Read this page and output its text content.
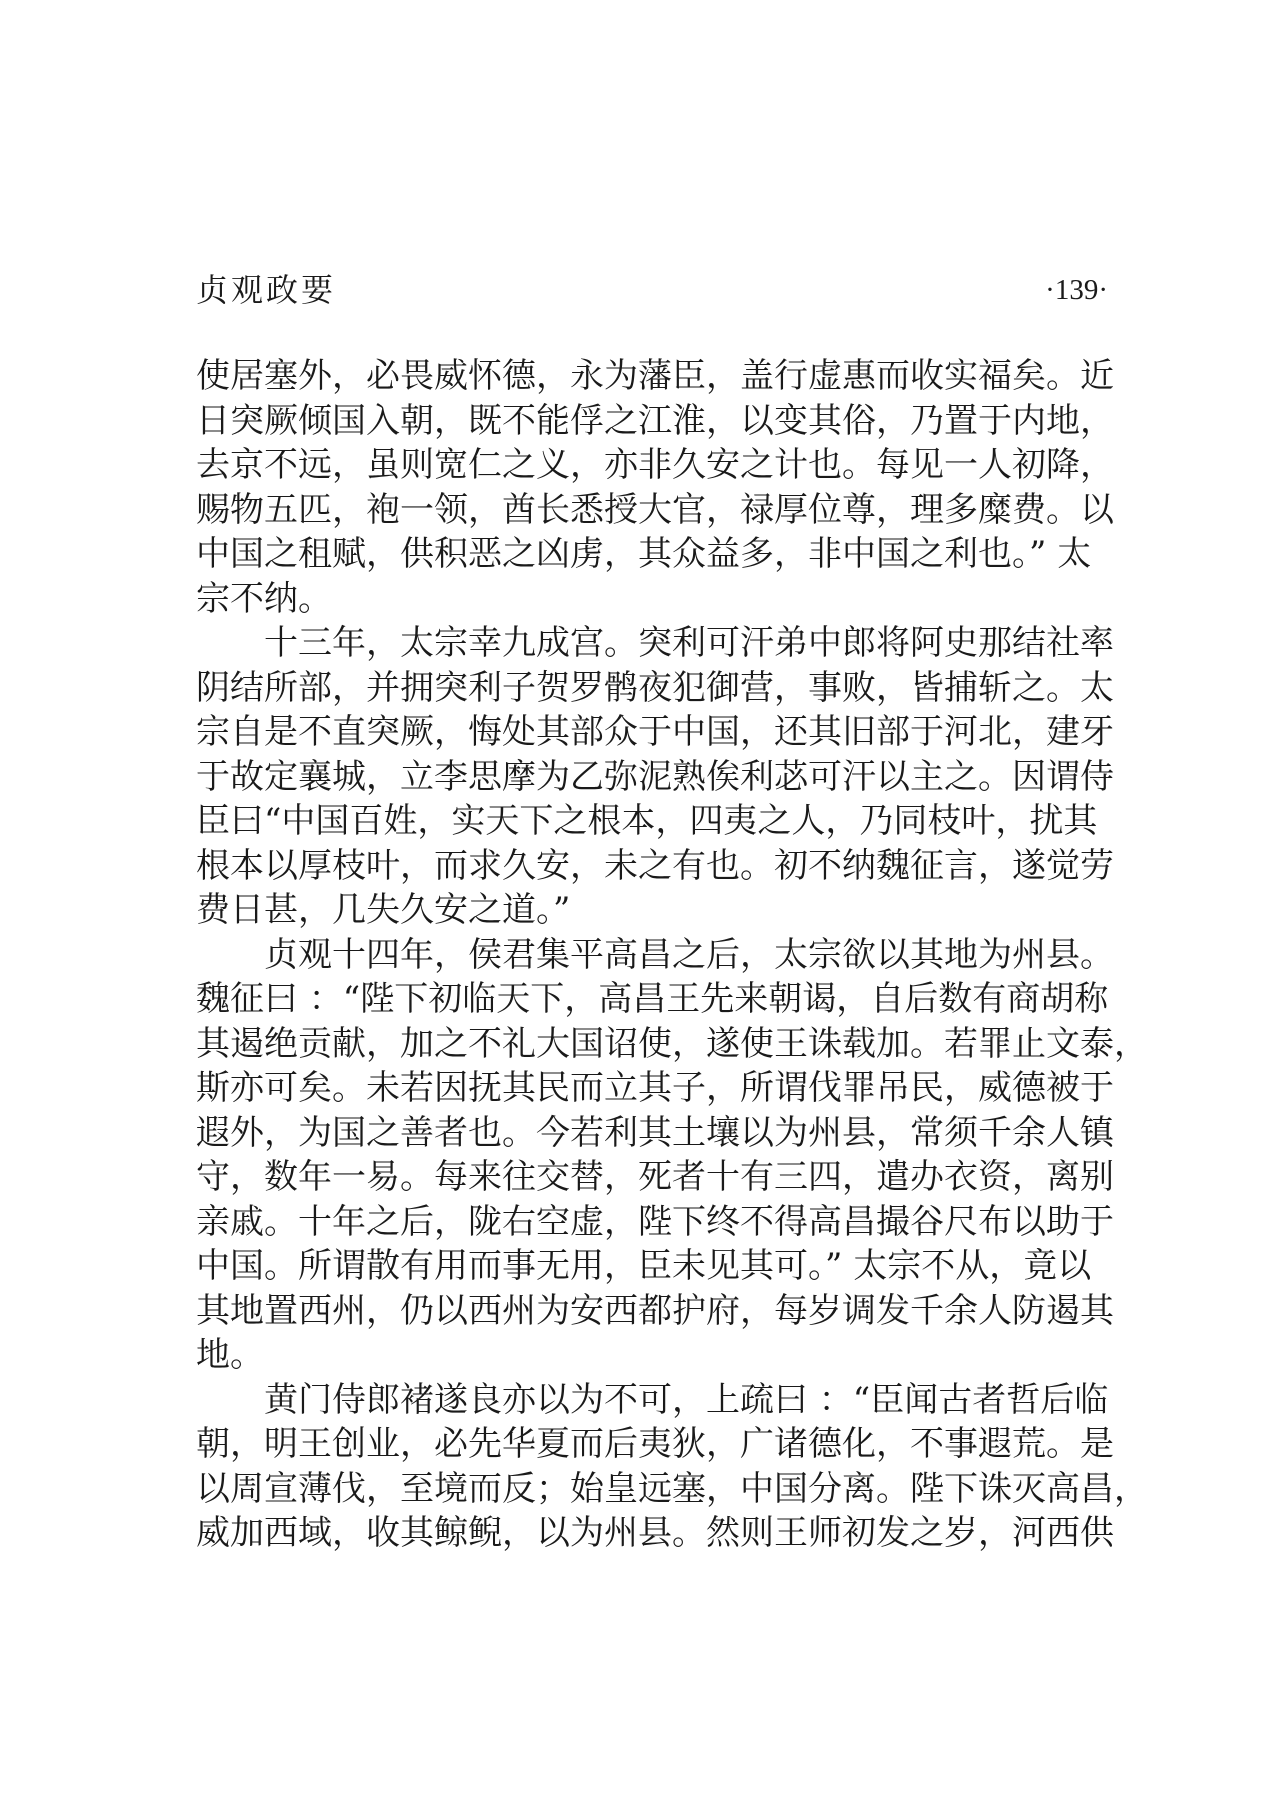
贞观政要	·139·
使居塞外，必畏威怀德，永为藩臣，盖行虚惠而收实福矣。近
日突厥倾国入朝，既不能俘之江淮，以变其俗，乃置于内地，
去京不远，虽则宽仁之义，亦非久安之计也。每见一人初降，
赐物五匹，袍一领，酋长悉授大官，禄厚位尊，理多糜费。以
中国之租赋，供积恶之凶虏，其众益多，非中国之利也。” 太
宗不纳。
十三年，太宗幸九成宫。突利可汗弟中郎将阿史那结社率
阴结所部，并拥突利子贺罗鹘夜犯御营，事败，皆捕斩之。太
宗自是不直突厥，悔处其部众于中国，还其旧部于河北，建牙
于故定襄城，立李思摩为乙弥泥熟俟利苾可汗以主之。因谓侍
臣曰“中国百姓，实天下之根本，四夷之人，乃同枝叶，扰其
根本以厚枝叶，而求久安，未之有也。初不纳魏征言，遂觉劳
费日甚，几失久安之道。”
贞观十四年，侯君集平高昌之后，太宗欲以其地为州县。
魏征曰 ：“陛下初临天下，高昌王先来朝谒，自后数有商胡称
其遏绝贡献，加之不礼大国诏使，遂使王诛载加。若罪止文泰，
斯亦可矣。未若因抚其民而立其子，所谓伐罪吊民，威德被于
遐外，为国之善者也。今若利其土壤以为州县，常须千余人镇
守，数年一易。每来往交替，死者十有三四，遣办衣资，离别
亲戚。十年之后，陇右空虚，陛下终不得高昌撮谷尺布以助于
中国。所谓散有用而事无用，臣未见其可。” 太宗不从，竟以
其地置西州，仍以西州为安西都护府，每岁调发千余人防遏其
地。
黄门侍郎褚遂良亦以为不可，上疏曰 ：“臣闻古者哲后临
朝，明王创业，必先华夏而后夷狄，广诸德化，不事遐荒。是
以周宣薄伐，至境而反；始皇远塞，中国分离。陛下诛灭高昌，
威加西域，收其鲸鲵，以为州县。然则王师初发之岁，河西供
